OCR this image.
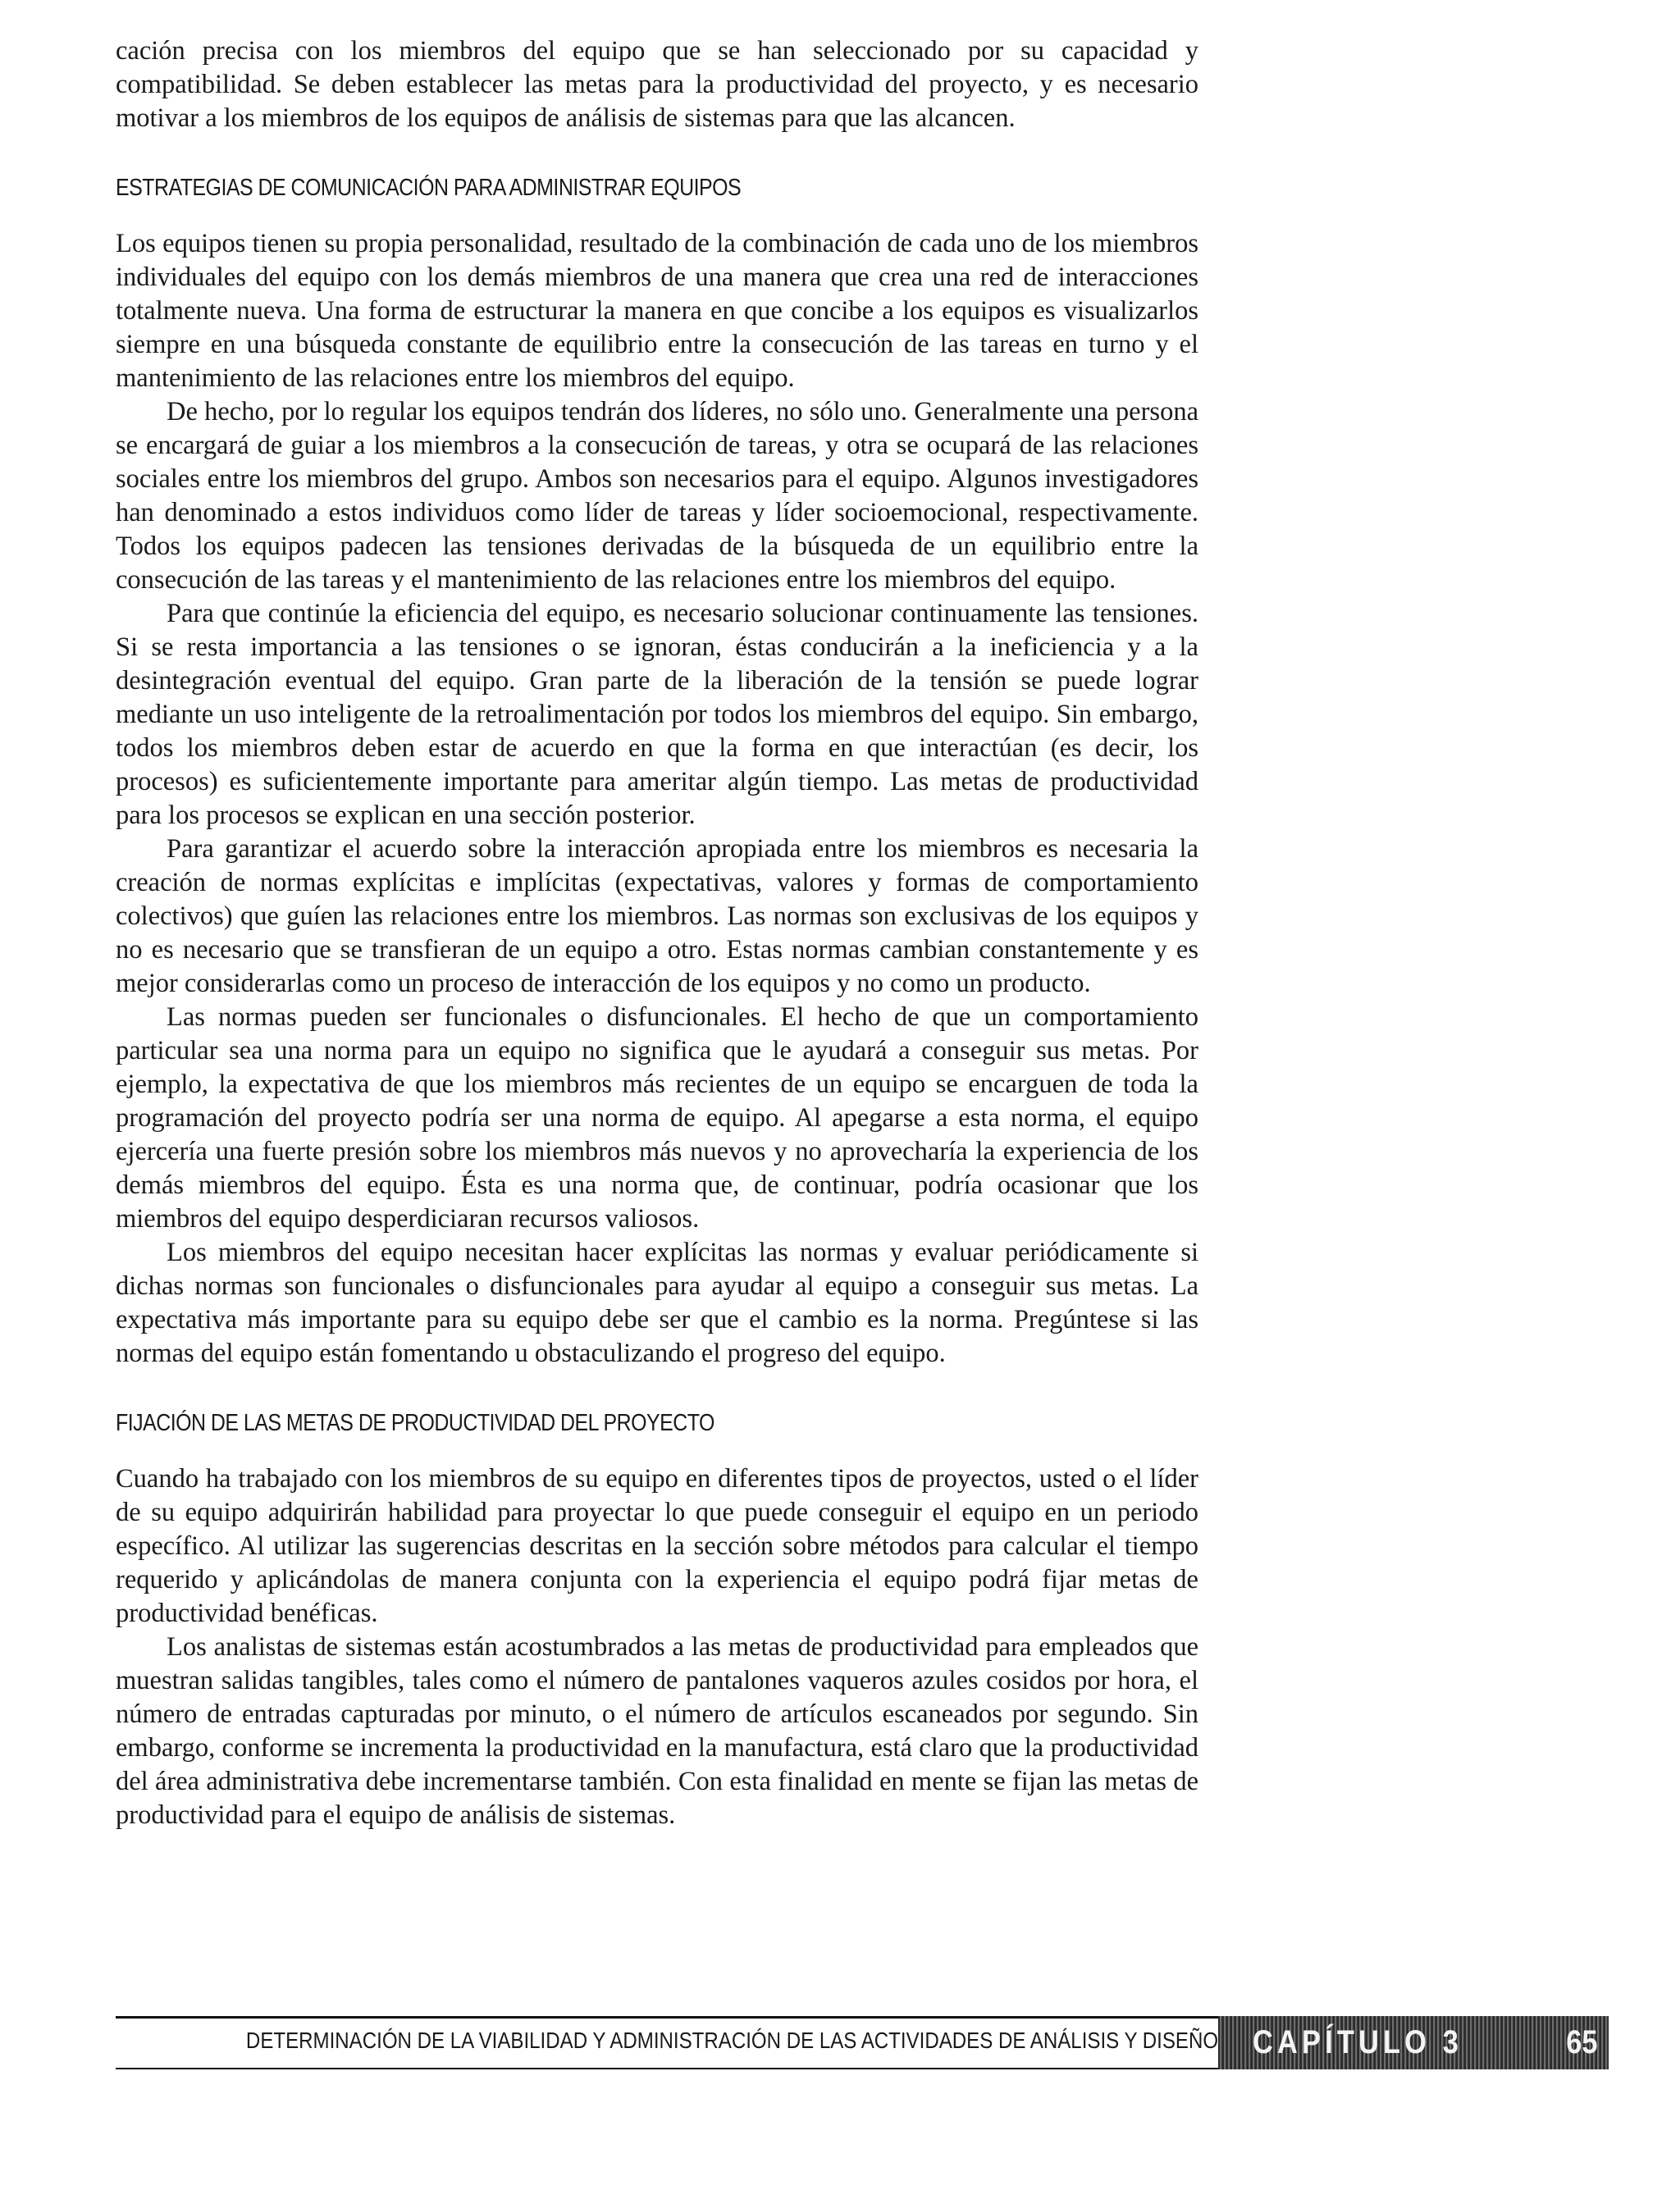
cación precisa con los miembros del equipo que se han seleccionado por su capacidad y compatibilidad. Se deben establecer las metas para la productividad del proyecto, y es necesario motivar a los miembros de los equipos de análisis de sistemas para que las alcancen.

ESTRATEGIAS DE COMUNICACIÓN PARA ADMINISTRAR EQUIPOS

Los equipos tienen su propia personalidad, resultado de la combinación de cada uno de los miembros individuales del equipo con los demás miembros de una manera que crea una red de interacciones totalmente nueva. Una forma de estructurar la manera en que concibe a los equipos es visualizarlos siempre en una búsqueda constante de equilibrio entre la consecución de las tareas en turno y el mantenimiento de las relaciones entre los miembros del equipo.

De hecho, por lo regular los equipos tendrán dos líderes, no sólo uno. Generalmente una persona se encargará de guiar a los miembros a la consecución de tareas, y otra se ocupará de las relaciones sociales entre los miembros del grupo. Ambos son necesarios para el equipo. Algunos investigadores han denominado a estos individuos como líder de tareas y líder socioemocional, respectivamente. Todos los equipos padecen las tensiones derivadas de la búsqueda de un equilibrio entre la consecución de las tareas y el mantenimiento de las relaciones entre los miembros del equipo.

Para que continúe la eficiencia del equipo, es necesario solucionar continuamente las tensiones. Si se resta importancia a las tensiones o se ignoran, éstas conducirán a la ineficiencia y a la desintegración eventual del equipo. Gran parte de la liberación de la tensión se puede lograr mediante un uso inteligente de la retroalimentación por todos los miembros del equipo. Sin embargo, todos los miembros deben estar de acuerdo en que la forma en que interactúan (es decir, los procesos) es suficientemente importante para ameritar algún tiempo. Las metas de productividad para los procesos se explican en una sección posterior.

Para garantizar el acuerdo sobre la interacción apropiada entre los miembros es necesaria la creación de normas explícitas e implícitas (expectativas, valores y formas de comportamiento colectivos) que guíen las relaciones entre los miembros. Las normas son exclusivas de los equipos y no es necesario que se transfieran de un equipo a otro. Estas normas cambian constantemente y es mejor considerarlas como un proceso de interacción de los equipos y no como un producto.

Las normas pueden ser funcionales o disfuncionales. El hecho de que un comportamiento particular sea una norma para un equipo no significa que le ayudará a conseguir sus metas. Por ejemplo, la expectativa de que los miembros más recientes de un equipo se encarguen de toda la programación del proyecto podría ser una norma de equipo. Al apegarse a esta norma, el equipo ejercería una fuerte presión sobre los miembros más nuevos y no aprovecharía la experiencia de los demás miembros del equipo. Ésta es una norma que, de continuar, podría ocasionar que los miembros del equipo desperdiciaran recursos valiosos.

Los miembros del equipo necesitan hacer explícitas las normas y evaluar periódicamente si dichas normas son funcionales o disfuncionales para ayudar al equipo a conseguir sus metas. La expectativa más importante para su equipo debe ser que el cambio es la norma. Pregúntese si las normas del equipo están fomentando u obstaculizando el progreso del equipo.

FIJACIÓN DE LAS METAS DE PRODUCTIVIDAD DEL PROYECTO

Cuando ha trabajado con los miembros de su equipo en diferentes tipos de proyectos, usted o el líder de su equipo adquirirán habilidad para proyectar lo que puede conseguir el equipo en un periodo específico. Al utilizar las sugerencias descritas en la sección sobre métodos para calcular el tiempo requerido y aplicándolas de manera conjunta con la experiencia el equipo podrá fijar metas de productividad benéficas.

Los analistas de sistemas están acostumbrados a las metas de productividad para empleados que muestran salidas tangibles, tales como el número de pantalones vaqueros azules cosidos por hora, el número de entradas capturadas por minuto, o el número de artículos escaneados por segundo. Sin embargo, conforme se incrementa la productividad en la manufactura, está claro que la productividad del área administrativa debe incrementarse también. Con esta finalidad en mente se fijan las metas de productividad para el equipo de análisis de sistemas.

DETERMINACIÓN DE LA VIABILIDAD Y ADMINISTRACIÓN DE LAS ACTIVIDADES DE ANÁLISIS Y DISEÑO CAPÍTULO 3	65
